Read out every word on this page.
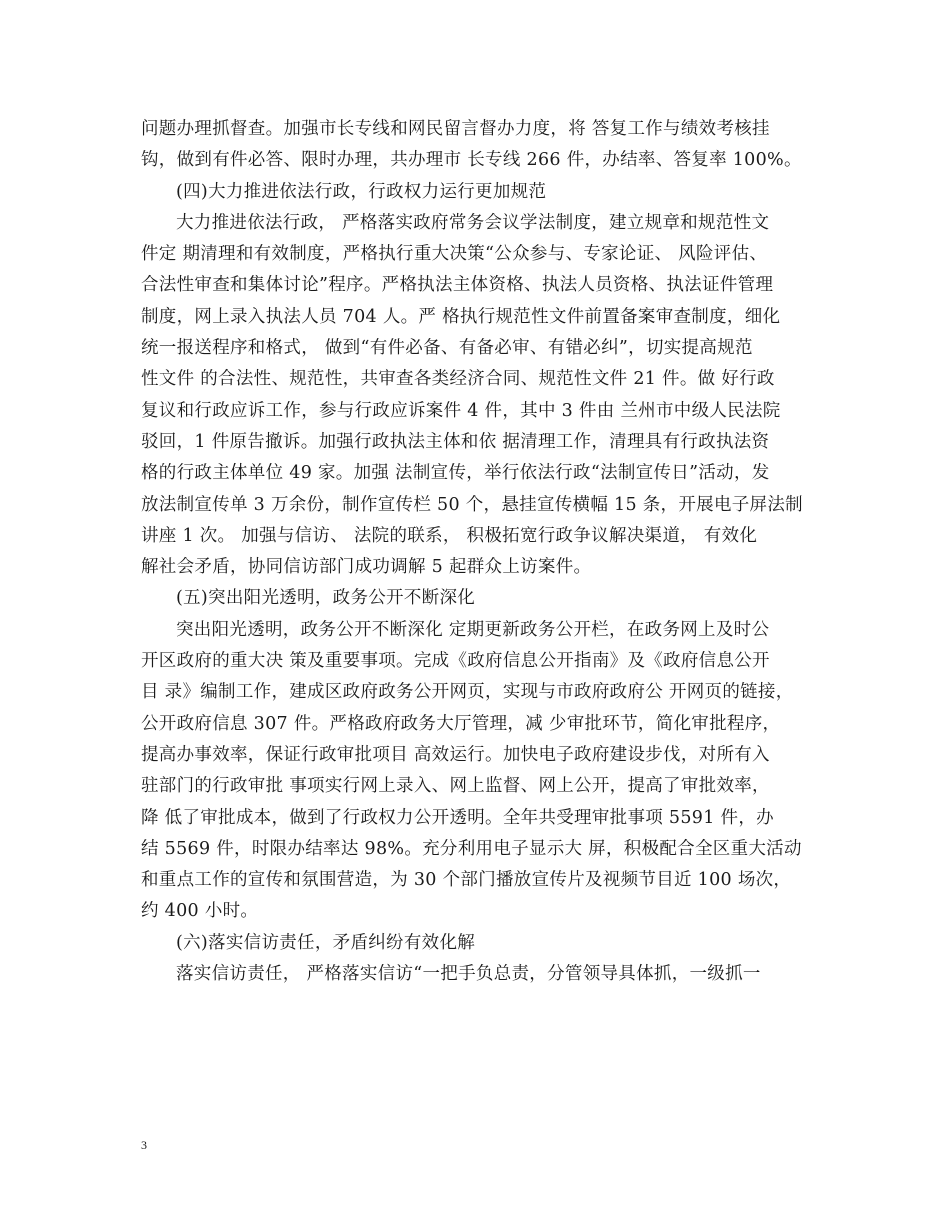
问题办理抓督查。加强市长专线和网民留言督办力度，将 答复工作与绩效考核挂
钩，做到有件必答、限时办理，共办理市 长专线 266 件，办结率、答复率 100%。
(四)大力推进依法行政，行政权力运行更加规范
大力推进依法行政， 严格落实政府常务会议学法制度，建立规章和规范性文
件定 期清理和有效制度，严格执行重大决策“公众参与、专家论证、 风险评估、
合法性审查和集体讨论”程序。严格执法主体资格、执法人员资格、执法证件管理
制度，网上录入执法人员 704 人。严 格执行规范性文件前置备案审查制度，细化
统一报送程序和格式， 做到“有件必备、有备必审、有错必纠”，切实提高规范
性文件 的合法性、规范性，共审查各类经济合同、规范性文件 21 件。做 好行政
复议和行政应诉工作，参与行政应诉案件 4 件，其中 3 件由 兰州市中级人民法院
驳回，1 件原告撤诉。加强行政执法主体和依 据清理工作，清理具有行政执法资
格的行政主体单位 49 家。加强 法制宣传，举行依法行政“法制宣传日”活动，发
放法制宣传单 3 万余份，制作宣传栏 50 个，悬挂宣传横幅 15 条，开展电子屏法制
讲座 1 次。 加强与信访、 法院的联系， 积极拓宽行政争议解决渠道， 有效化
解社会矛盾，协同信访部门成功调解 5 起群众上访案件。
(五)突出阳光透明，政务公开不断深化
突出阳光透明，政务公开不断深化 定期更新政务公开栏，在政务网上及时公
开区政府的重大决 策及重要事项。完成《政府信息公开指南》及《政府信息公开
目 录》编制工作，建成区政府政务公开网页，实现与市政府政府公 开网页的链接，
公开政府信息 307 件。严格政府政务大厅管理，减 少审批环节，简化审批程序，
提高办事效率，保证行政审批项目 高效运行。加快电子政府建设步伐，对所有入
驻部门的行政审批 事项实行网上录入、网上监督、网上公开，提高了审批效率，
降 低了审批成本，做到了行政权力公开透明。全年共受理审批事项 5591 件，办
结 5569 件，时限办结率达 98%。充分利用电子显示大 屏，积极配合全区重大活动
和重点工作的宣传和氛围营造，为 30 个部门播放宣传片及视频节目近 100 场次，
约 400 小时。
(六)落实信访责任，矛盾纠纷有效化解
落实信访责任， 严格落实信访“一把手负总责，分管领导具体抓，一级抓一
3
